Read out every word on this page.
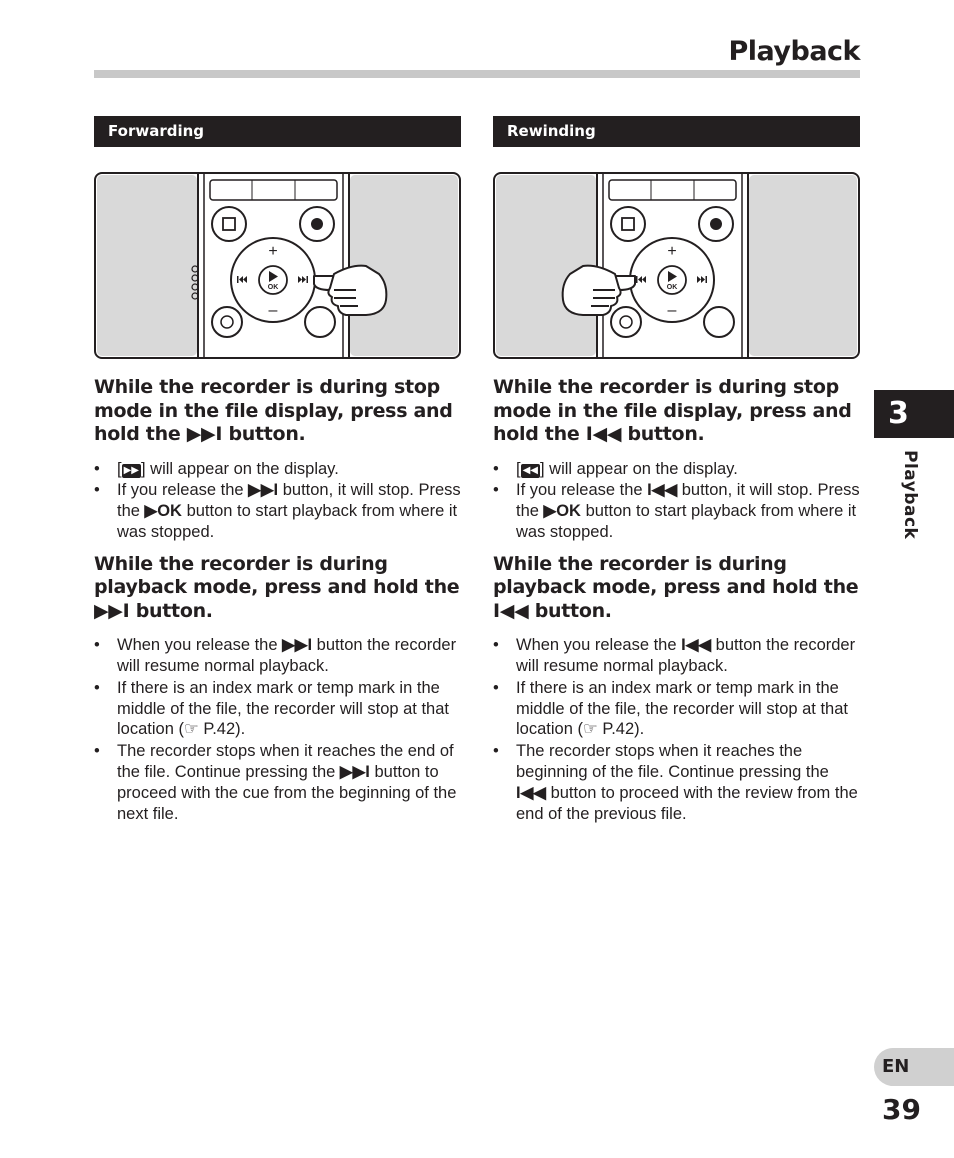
Playback
Forwarding	Rewinding
OK
+
–
OK
+
–
While the recorder is during stop mode in the file display, press and hold the ▶▶I button.
• [ ▶▶ ] will appear on the display.
• If you release the ▶▶I button, it will stop. Press the ▶OK button to start playback from where it was stopped.
While the recorder is during playback mode, press and hold the ▶▶I button.
• When you release the ▶▶I button the recorder will resume normal playback.
• If there is an index mark or temp mark in the middle of the file, the recorder will stop at that location (☞ P.42).
• The recorder stops when it reaches the end of the file. Continue pressing the ▶▶I button to proceed with the cue from the beginning of the next file.
While the recorder is during stop mode in the file display, press and hold the I◀◀ button.
• [ ◀◀ ] will appear on the display.
• If you release the I◀◀ button, it will stop. Press the ▶OK button to start playback from where it was stopped.
While the recorder is during playback mode, press and hold the I◀◀ button.
• When you release the I◀◀ button the recorder will resume normal playback.
• If there is an index mark or temp mark in the middle of the file, the recorder will stop at that location (☞ P.42).
• The recorder stops when it reaches the beginning of the file. Continue pressing the I◀◀ button to proceed with the review from the end of the previous file.
3
Playback
EN
39
